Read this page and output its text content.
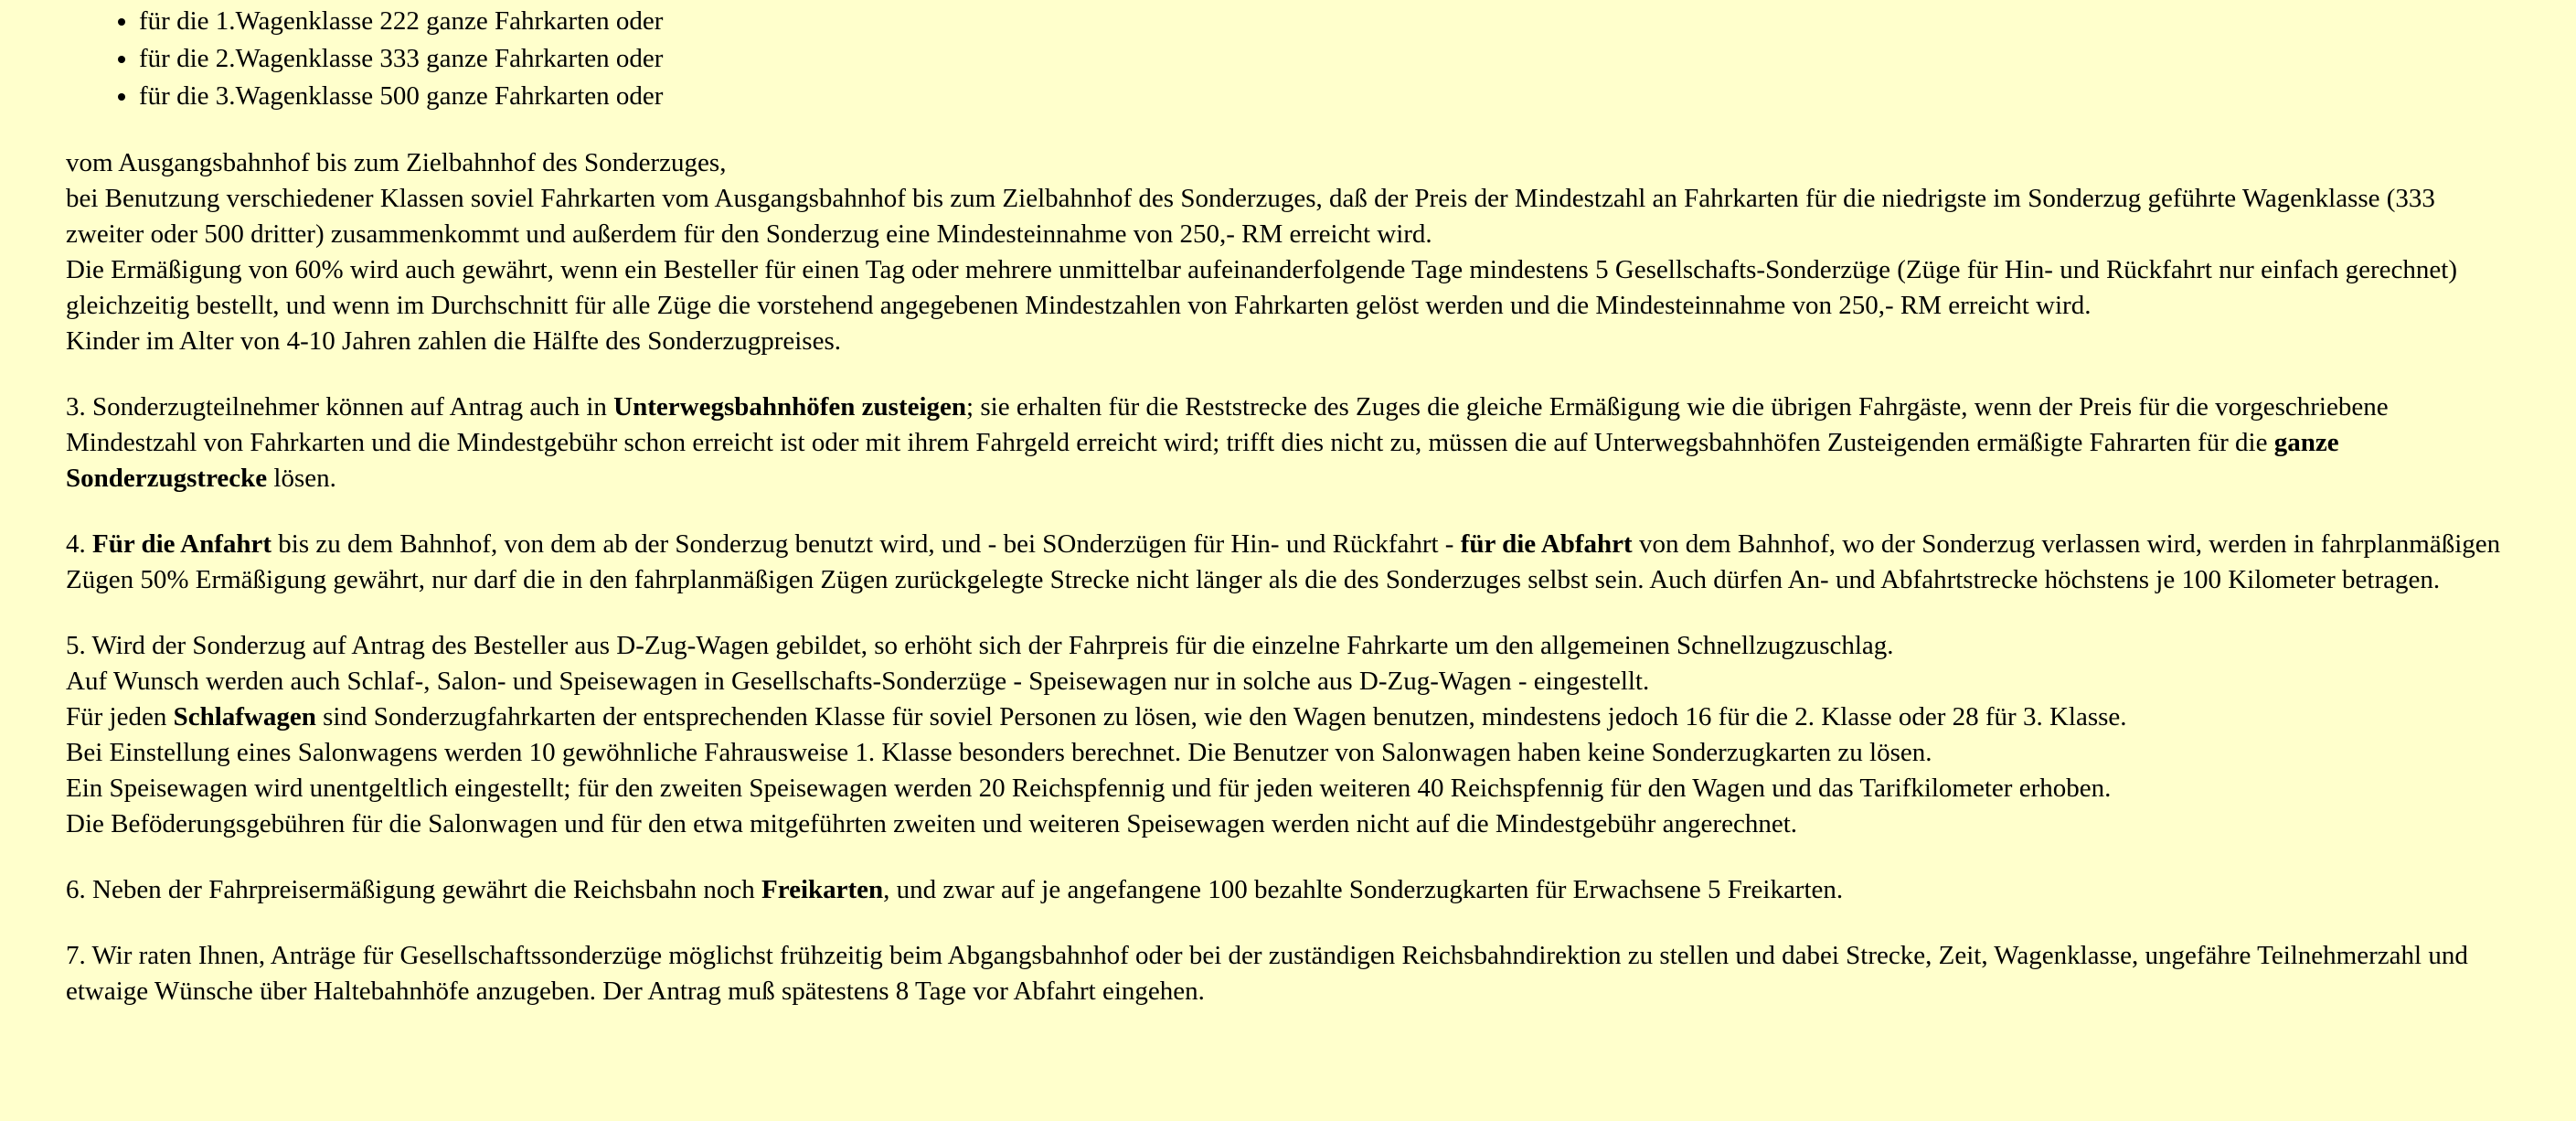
• für die 1.Wagenklasse 222 ganze Fahrkarten oder
• für die 2.Wagenklasse 333 ganze Fahrkarten oder
• für die 3.Wagenklasse 500 ganze Fahrkarten oder

vom Ausgangsbahnhof bis zum Zielbahnhof des Sonderzuges,
bei Benutzung verschiedener Klassen soviel Fahrkarten vom Ausgangsbahnhof bis zum Zielbahnhof des Sonderzuges, daß der Preis der Mindestzahl an Fahrkarten für die niedrigste im Sonderzug geführte Wagenklasse (333 zweiter oder 500 dritter) zusammenkommt und außerdem für den Sonderzug eine Mindesteinnahme von 250,- RM erreicht wird.
Die Ermäßigung von 60% wird auch gewährt, wenn ein Besteller für einen Tag oder mehrere unmittelbar aufeinanderfolgende Tage mindestens 5 Gesellschafts-Sonderzüge (Züge für Hin- und Rückfahrt nur einfach gerechnet) gleichzeitig bestellt, und wenn im Durchschnitt für alle Züge die vorstehend angegebenen Mindestzahlen von Fahrkarten gelöst werden und die Mindesteinnahme von 250,- RM erreicht wird.
Kinder im Alter von 4-10 Jahren zahlen die Hälfte des Sonderzugpreises.

3. Sonderzugteilnehmer können auf Antrag auch in Unterwegsbahnhöfen zusteigen; sie erhalten für die Reststrecke des Zuges die gleiche Ermäßigung wie die übrigen Fahrgäste, wenn der Preis für die vorgeschriebene Mindestzahl von Fahrkarten und die Mindestgebühr schon erreicht ist oder mit ihrem Fahrgeld erreicht wird; trifft dies nicht zu, müssen die auf Unterwegsbahnhöfen Zusteigenden ermäßigte Fahrarten für die ganze Sonderzugstrecke lösen.

4. Für die Anfahrt bis zu dem Bahnhof, von dem ab der Sonderzug benutzt wird, und - bei SOnderzügen für Hin- und Rückfahrt - für die Abfahrt von dem Bahnhof, wo der Sonderzug verlassen wird, werden in fahrplanmäßigen Zügen 50% Ermäßigung gewährt, nur darf die in den fahrplanmäßigen Zügen zurückgelegte Strecke nicht länger als die des Sonderzuges selbst sein. Auch dürfen An- und Abfahrtstrecke höchstens je 100 Kilometer betragen.

5. Wird der Sonderzug auf Antrag des Besteller aus D-Zug-Wagen gebildet, so erhöht sich der Fahrpreis für die einzelne Fahrkarte um den allgemeinen Schnellzugzuschlag.
Auf Wunsch werden auch Schlaf-, Salon- und Speisewagen in Gesellschafts-Sonderzüge - Speisewagen nur in solche aus D-Zug-Wagen - eingestellt.
Für jeden Schlafwagen sind Sonderzugfahrkarten der entsprechenden Klasse für soviel Personen zu lösen, wie den Wagen benutzen, mindestens jedoch 16 für die 2. Klasse oder 28 für 3. Klasse.
Bei Einstellung eines Salonwagens werden 10 gewöhnliche Fahrausweise 1. Klasse besonders berechnet. Die Benutzer von Salonwagen haben keine Sonderzugkarten zu lösen.
Ein Speisewagen wird unentgeltlich eingestellt; für den zweiten Speisewagen werden 20 Reichspfennig und für jeden weiteren 40 Reichspfennig für den Wagen und das Tarifkilometer erhoben.
Die Beföderungsgebühren für die Salonwagen und für den etwa mitgeführten zweiten und weiteren Speisewagen werden nicht auf die Mindestgebühr angerechnet.

6. Neben der Fahrpreisermäßigung gewährt die Reichsbahn noch Freikarten, und zwar auf je angefangene 100 bezahlte Sonderzugkarten für Erwachsene 5 Freikarten.

7. Wir raten Ihnen, Anträge für Gesellschaftssonderzüge möglichst frühzeitig beim Abgangsbahnhof oder bei der zuständigen Reichsbahndirektion zu stellen und dabei Strecke, Zeit, Wagenklasse, ungefähre Teilnehmerzahl und etwaige Wünsche über Haltebahnhöfe anzugeben. Der Antrag muß spätestens 8 Tage vor Abfahrt eingehen.
